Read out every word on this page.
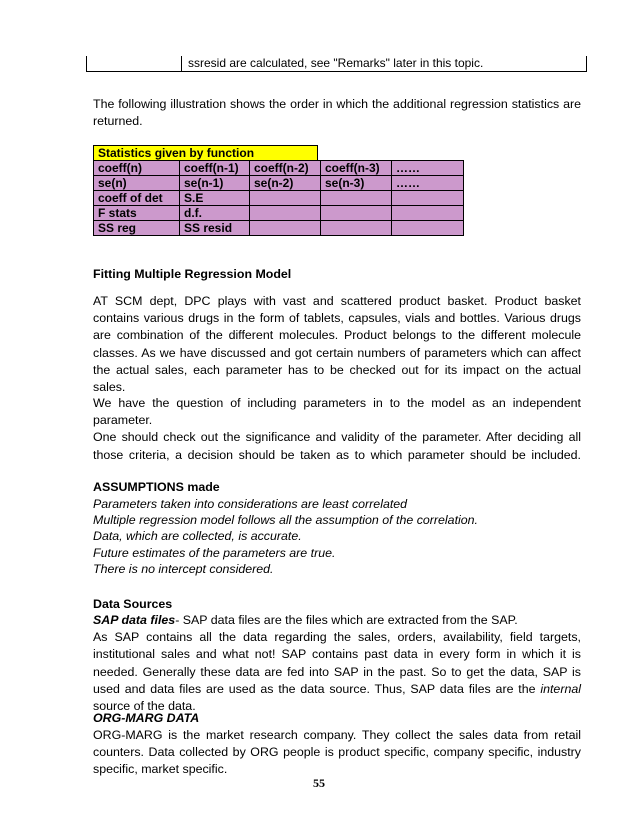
ssresid are calculated, see "Remarks" later in this topic.

The following illustration shows the order in which the additional regression statistics are
returned.

Statistics given by function
coeff(n)	coeff(n-1)	coeff(n-2)	coeff(n-3)	……
se(n)	se(n-1)	se(n-2)	se(n-3)	……
coeff of det	S.E			
F stats	d.f.			
SS reg	SS resid			

Fitting Multiple Regression Model

AT SCM dept, DPC plays with vast and scattered product basket. Product basket
contains various drugs in the form of tablets, capsules, vials and bottles. Various drugs
are combination of the different molecules. Product belongs to the different molecule
classes. As we have discussed and got certain numbers of parameters which can affect
the actual sales, each parameter has to be checked out for its impact on the actual
sales.

We have the question of including parameters in to the model as an independent
parameter.
One should check out the significance and validity of the parameter. After deciding all
those criteria, a decision should be taken as to which parameter should be included.

ASSUMPTIONS made

Parameters taken into considerations are least correlated
Multiple regression model follows all the assumption of the correlation.
Data, which are collected, is accurate.
Future estimates of the parameters are true.
There is no intercept considered.

Data Sources

SAP data files- SAP data files are the files which are extracted from the SAP.
As SAP contains all the data regarding the sales, orders, availability, field targets,
institutional sales and what not! SAP contains past data in every form in which it is
needed. Generally these data are fed into SAP in the past. So to get the data, SAP is
used and data files are used as the data source. Thus, SAP data files are the internal
source of the data.

ORG-MARG DATA

ORG-MARG is the market research company. They collect the sales data from retail
counters. Data collected by ORG people is product specific, company specific, industry
specific, market specific.

55
